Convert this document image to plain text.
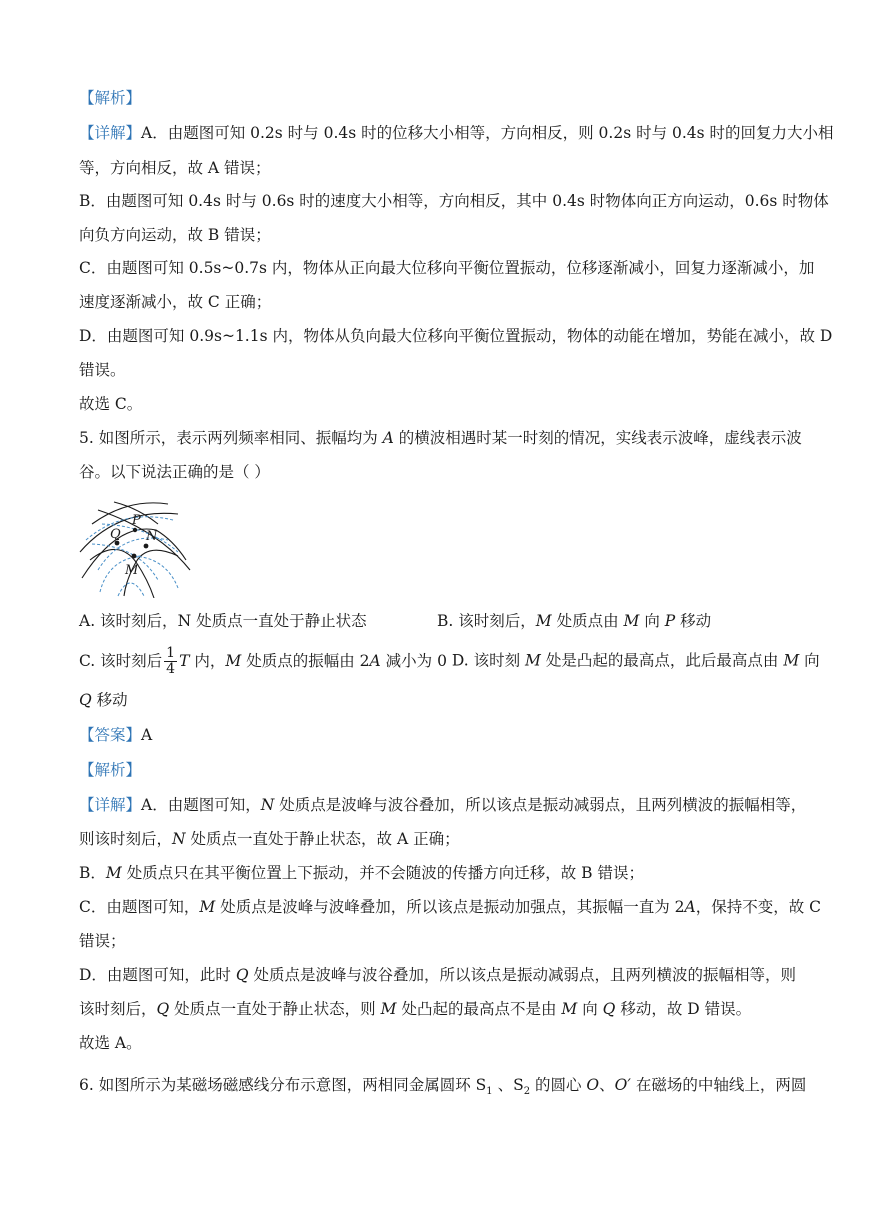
【解析】
【详解】A．由题图可知 0.2s 时与 0.4s 时的位移大小相等，方向相反，则 0.2s 时与 0.4s 时的回复力大小相
等，方向相反，故 A 错误；
B．由题图可知 0.4s 时与 0.6s 时的速度大小相等，方向相反，其中 0.4s 时物体向正方向运动，0.6s 时物体
向负方向运动，故 B 错误；
C．由题图可知 0.5s~0.7s 内，物体从正向最大位移向平衡位置振动，位移逐渐减小，回复力逐渐减小，加
速度逐渐减小，故 C 正确；
D．由题图可知 0.9s~1.1s 内，物体从负向最大位移向平衡位置振动，物体的动能在增加，势能在减小，故 D
错误。
故选 C。
5. 如图所示，表示两列频率相同、振幅均为 A 的横波相遇时某一时刻的情况，实线表示波峰，虚线表示波
谷。以下说法正确的是（ ）
P
Q N
M
A. 该时刻后，N 处质点一直处于静止状态	B. 该时刻后，M 处质点由 M 向 P 移动
C. 该时刻后 $\frac{1}{4}$ T 内，M 处质点的振幅由 2A 减小为 0 D. 该时刻 M 处是凸起的最高点，此后最高点由 M 向
Q 移动
【答案】A
【解析】
【详解】A．由题图可知，N 处质点是波峰与波谷叠加，所以该点是振动减弱点，且两列横波的振幅相等，
则该时刻后，N 处质点一直处于静止状态，故 A 正确；
B．M 处质点只在其平衡位置上下振动，并不会随波的传播方向迁移，故 B 错误；
C．由题图可知，M 处质点是波峰与波峰叠加，所以该点是振动加强点，其振幅一直为 2A，保持不变，故 C
错误；
D．由题图可知，此时 Q 处质点是波峰与波谷叠加，所以该点是振动减弱点，且两列横波的振幅相等，则
该时刻后，Q 处质点一直处于静止状态，则 M 处凸起的最高点不是由 M 向 Q 移动，故 D 错误。
故选 A。
6. 如图所示为某磁场磁感线分布示意图，两相同金属圆环 $S_1$ 、$S_2$ 的圆心 O、O′ 在磁场的中轴线上，两圆
